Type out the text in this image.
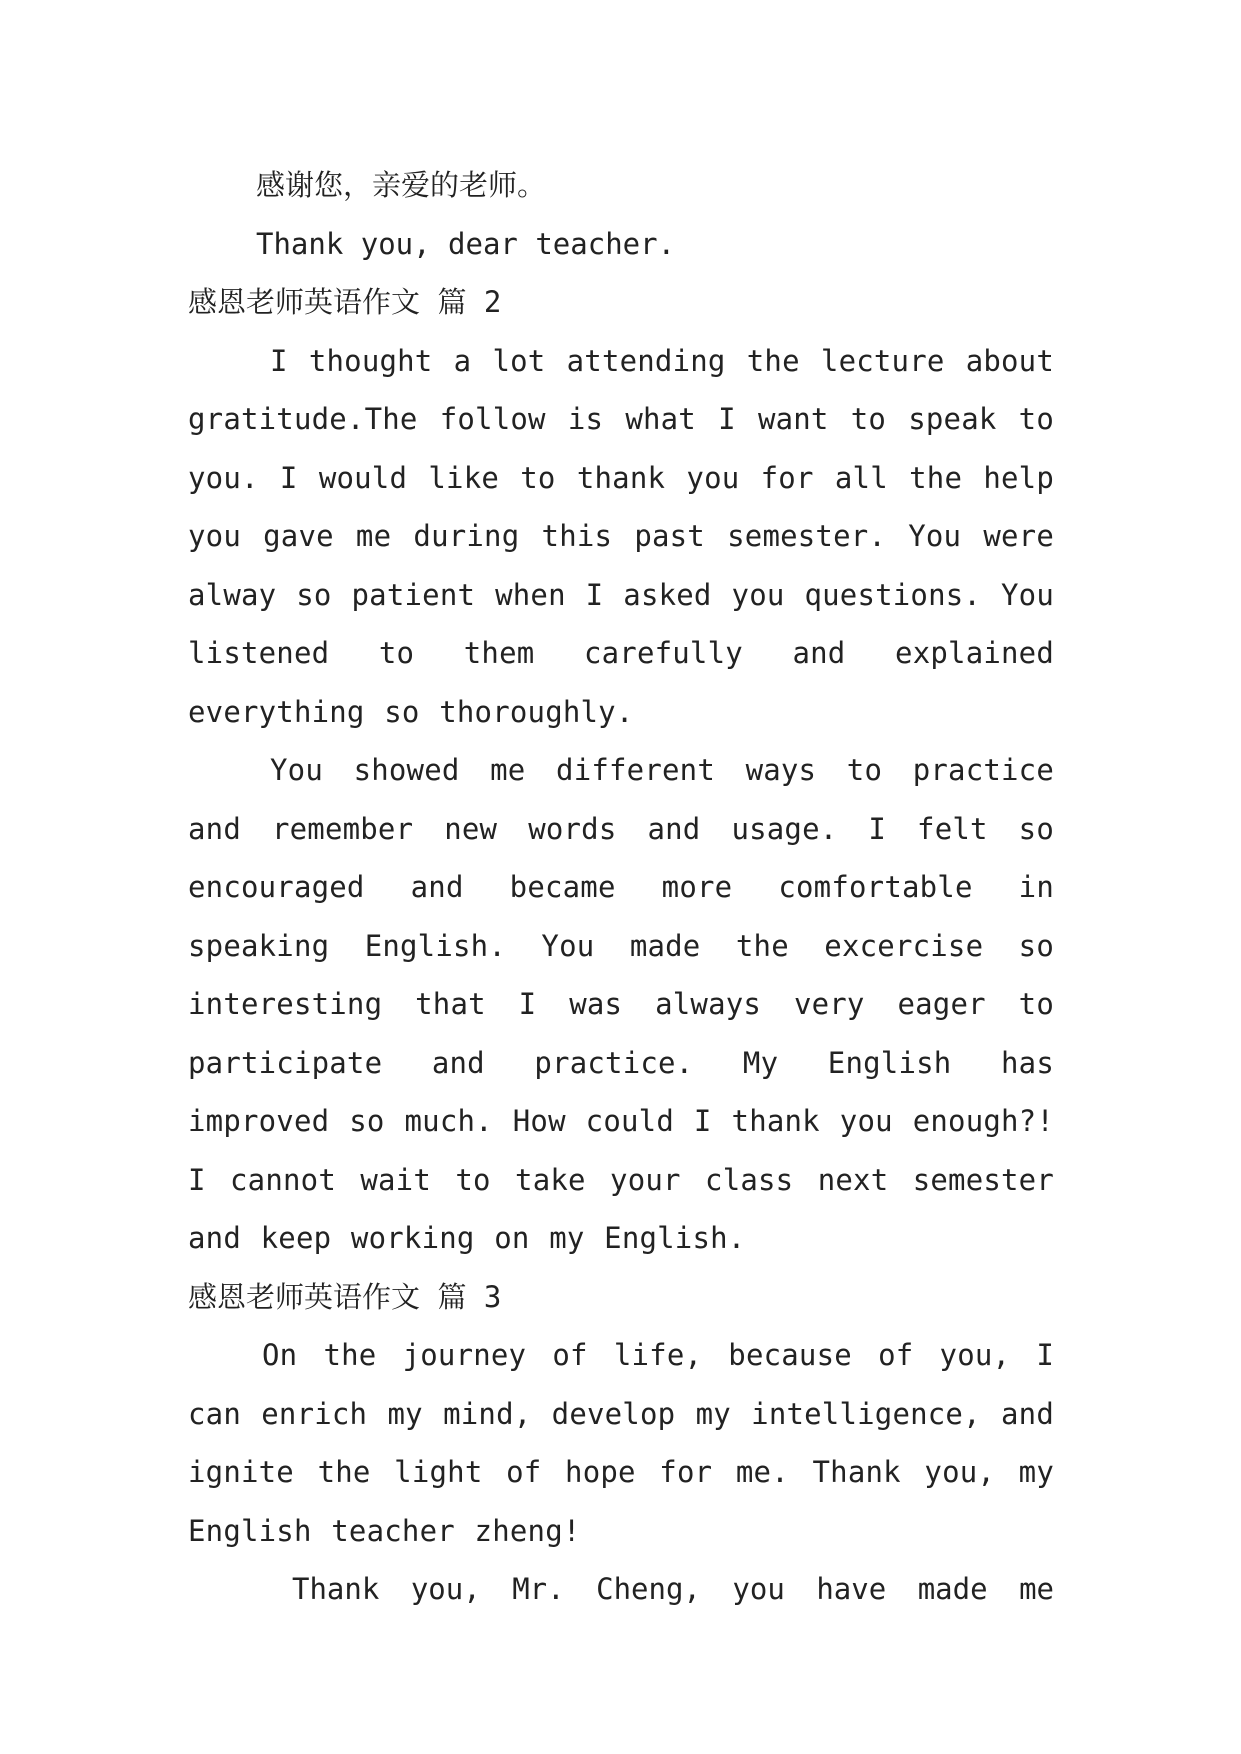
感谢您，亲爱的老师。

Thank you, dear teacher.

感恩老师英语作文 篇 2

I thought a lot attending the lecture about gratitude.The follow is what I want to speak to you. I would like to thank you for all the help you gave me during this past semester. You were alway so patient when I asked you questions. You listened to them carefully and explained everything so thoroughly.

You showed me different ways to practice and remember new words and usage. I felt so encouraged and became more comfortable in speaking English. You made the excercise so interesting that I was always very eager to participate and practice. My English has improved so much. How could I thank you enough?! I cannot wait to take your class next semester and keep working on my English.

感恩老师英语作文 篇 3

On the journey of life, because of you, I can enrich my mind, develop my intelligence, and ignite the light of hope for me. Thank you, my English teacher zheng!

Thank you, Mr. Cheng, you have made me
